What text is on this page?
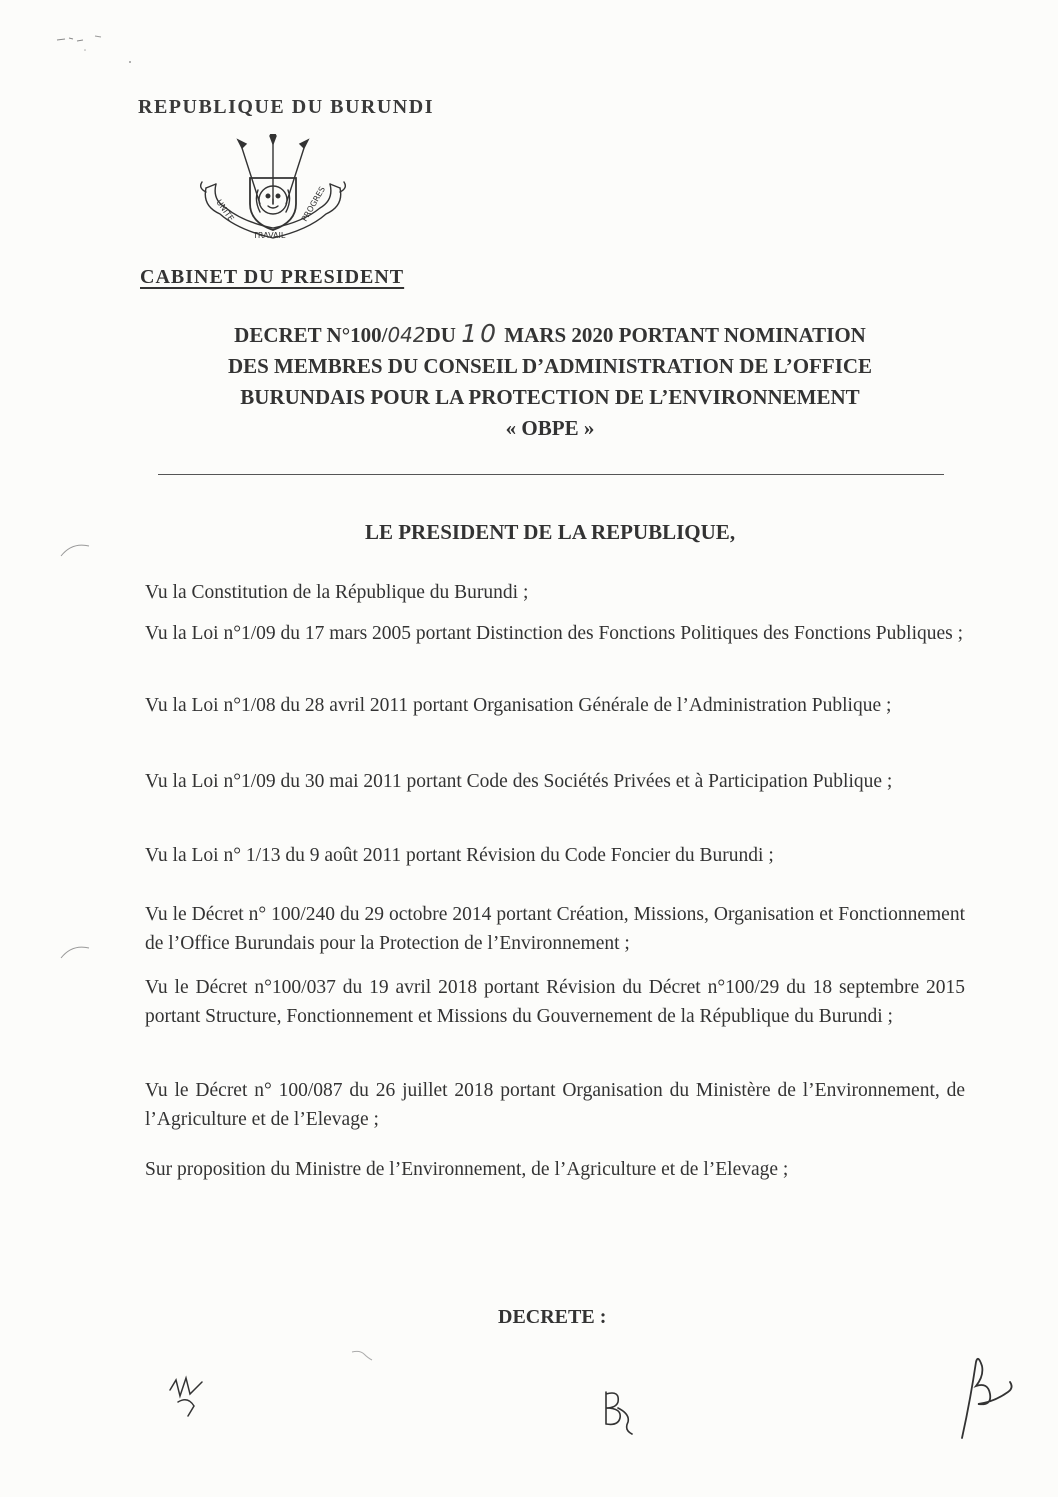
REPUBLIQUE DU BURUNDI
UNITE
TRAVAIL
PROGRES
CABINET DU PRESIDENT
DECRET N°100/042DU 10 MARS 2020 PORTANT NOMINATION
DES MEMBRES DU CONSEIL D’ADMINISTRATION DE L’OFFICE
BURUNDAIS POUR LA PROTECTION DE L’ENVIRONNEMENT
« OBPE »
LE PRESIDENT DE LA REPUBLIQUE,

Vu la Constitution de la République du Burundi ;

Vu la Loi n°1/09 du 17 mars 2005 portant Distinction des Fonctions Politiques des Fonctions Publiques ;

Vu la Loi n°1/08 du 28 avril 2011 portant Organisation Générale de l’Administration Publique ;

Vu la Loi n°1/09 du 30 mai 2011 portant Code des Sociétés Privées et à Participation Publique ;

Vu la Loi n° 1/13 du 9 août 2011 portant Révision du Code Foncier du Burundi ;

Vu le Décret n° 100/240 du 29 octobre 2014 portant Création, Missions, Organisation et Fonctionnement de l’Office Burundais pour la Protection de l’Environnement ;

Vu le Décret n°100/037 du 19 avril 2018 portant Révision du Décret n°100/29 du 18 septembre 2015 portant Structure, Fonctionnement et Missions du Gouvernement de la République du Burundi ;

Vu le Décret n° 100/087 du 26 juillet 2018 portant Organisation du Ministère de l’Environnement, de l’Agriculture et de l’Elevage ;

Sur proposition du Ministre de l’Environnement, de l’Agriculture et de l’Elevage ;

DECRETE :
